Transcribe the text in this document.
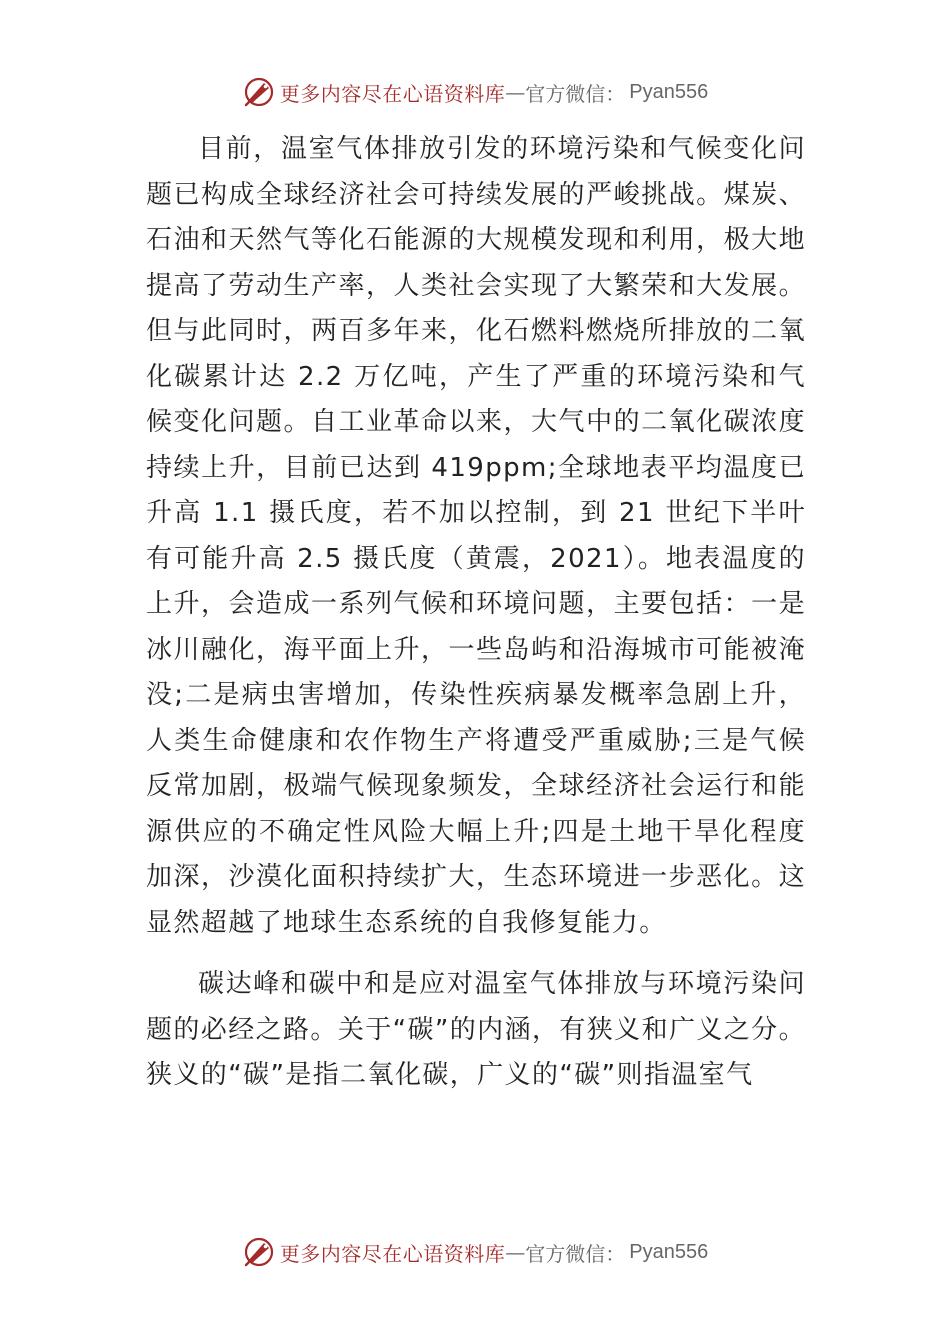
更多内容尽在心语资料库 — 官方微信： Pyan556

目前，温室气体排放引发的环境污染和气候变化问题已构成全球经济社会可持续发展的严峻挑战。煤炭、石油和天然气等化石能源的大规模发现和利用，极大地提高了劳动生产率，人类社会实现了大繁荣和大发展。但与此同时，两百多年来，化石燃料燃烧所排放的二氧化碳累计达 2.2 万亿吨，产生了严重的环境污染和气候变化问题。自工业革命以来，大气中的二氧化碳浓度持续上升，目前已达到 419ppm;全球地表平均温度已升高 1.1 摄氏度，若不加以控制，到 21 世纪下半叶有可能升高 2.5 摄氏度（黄震，2021）。地表温度的上升，会造成一系列气候和环境问题，主要包括：一是冰川融化，海平面上升，一些岛屿和沿海城市可能被淹没;二是病虫害增加，传染性疾病暴发概率急剧上升，人类生命健康和农作物生产将遭受严重威胁;三是气候反常加剧，极端气候现象频发，全球经济社会运行和能源供应的不确定性风险大幅上升;四是土地干旱化程度加深，沙漠化面积持续扩大，生态环境进一步恶化。这显然超越了地球生态系统的自我修复能力。

碳达峰和碳中和是应对温室气体排放与环境污染问题的必经之路。关于“碳”的内涵，有狭义和广义之分。狭义的“碳”是指二氧化碳，广义的“碳”则指温室气

更多内容尽在心语资料库 — 官方微信： Pyan556
